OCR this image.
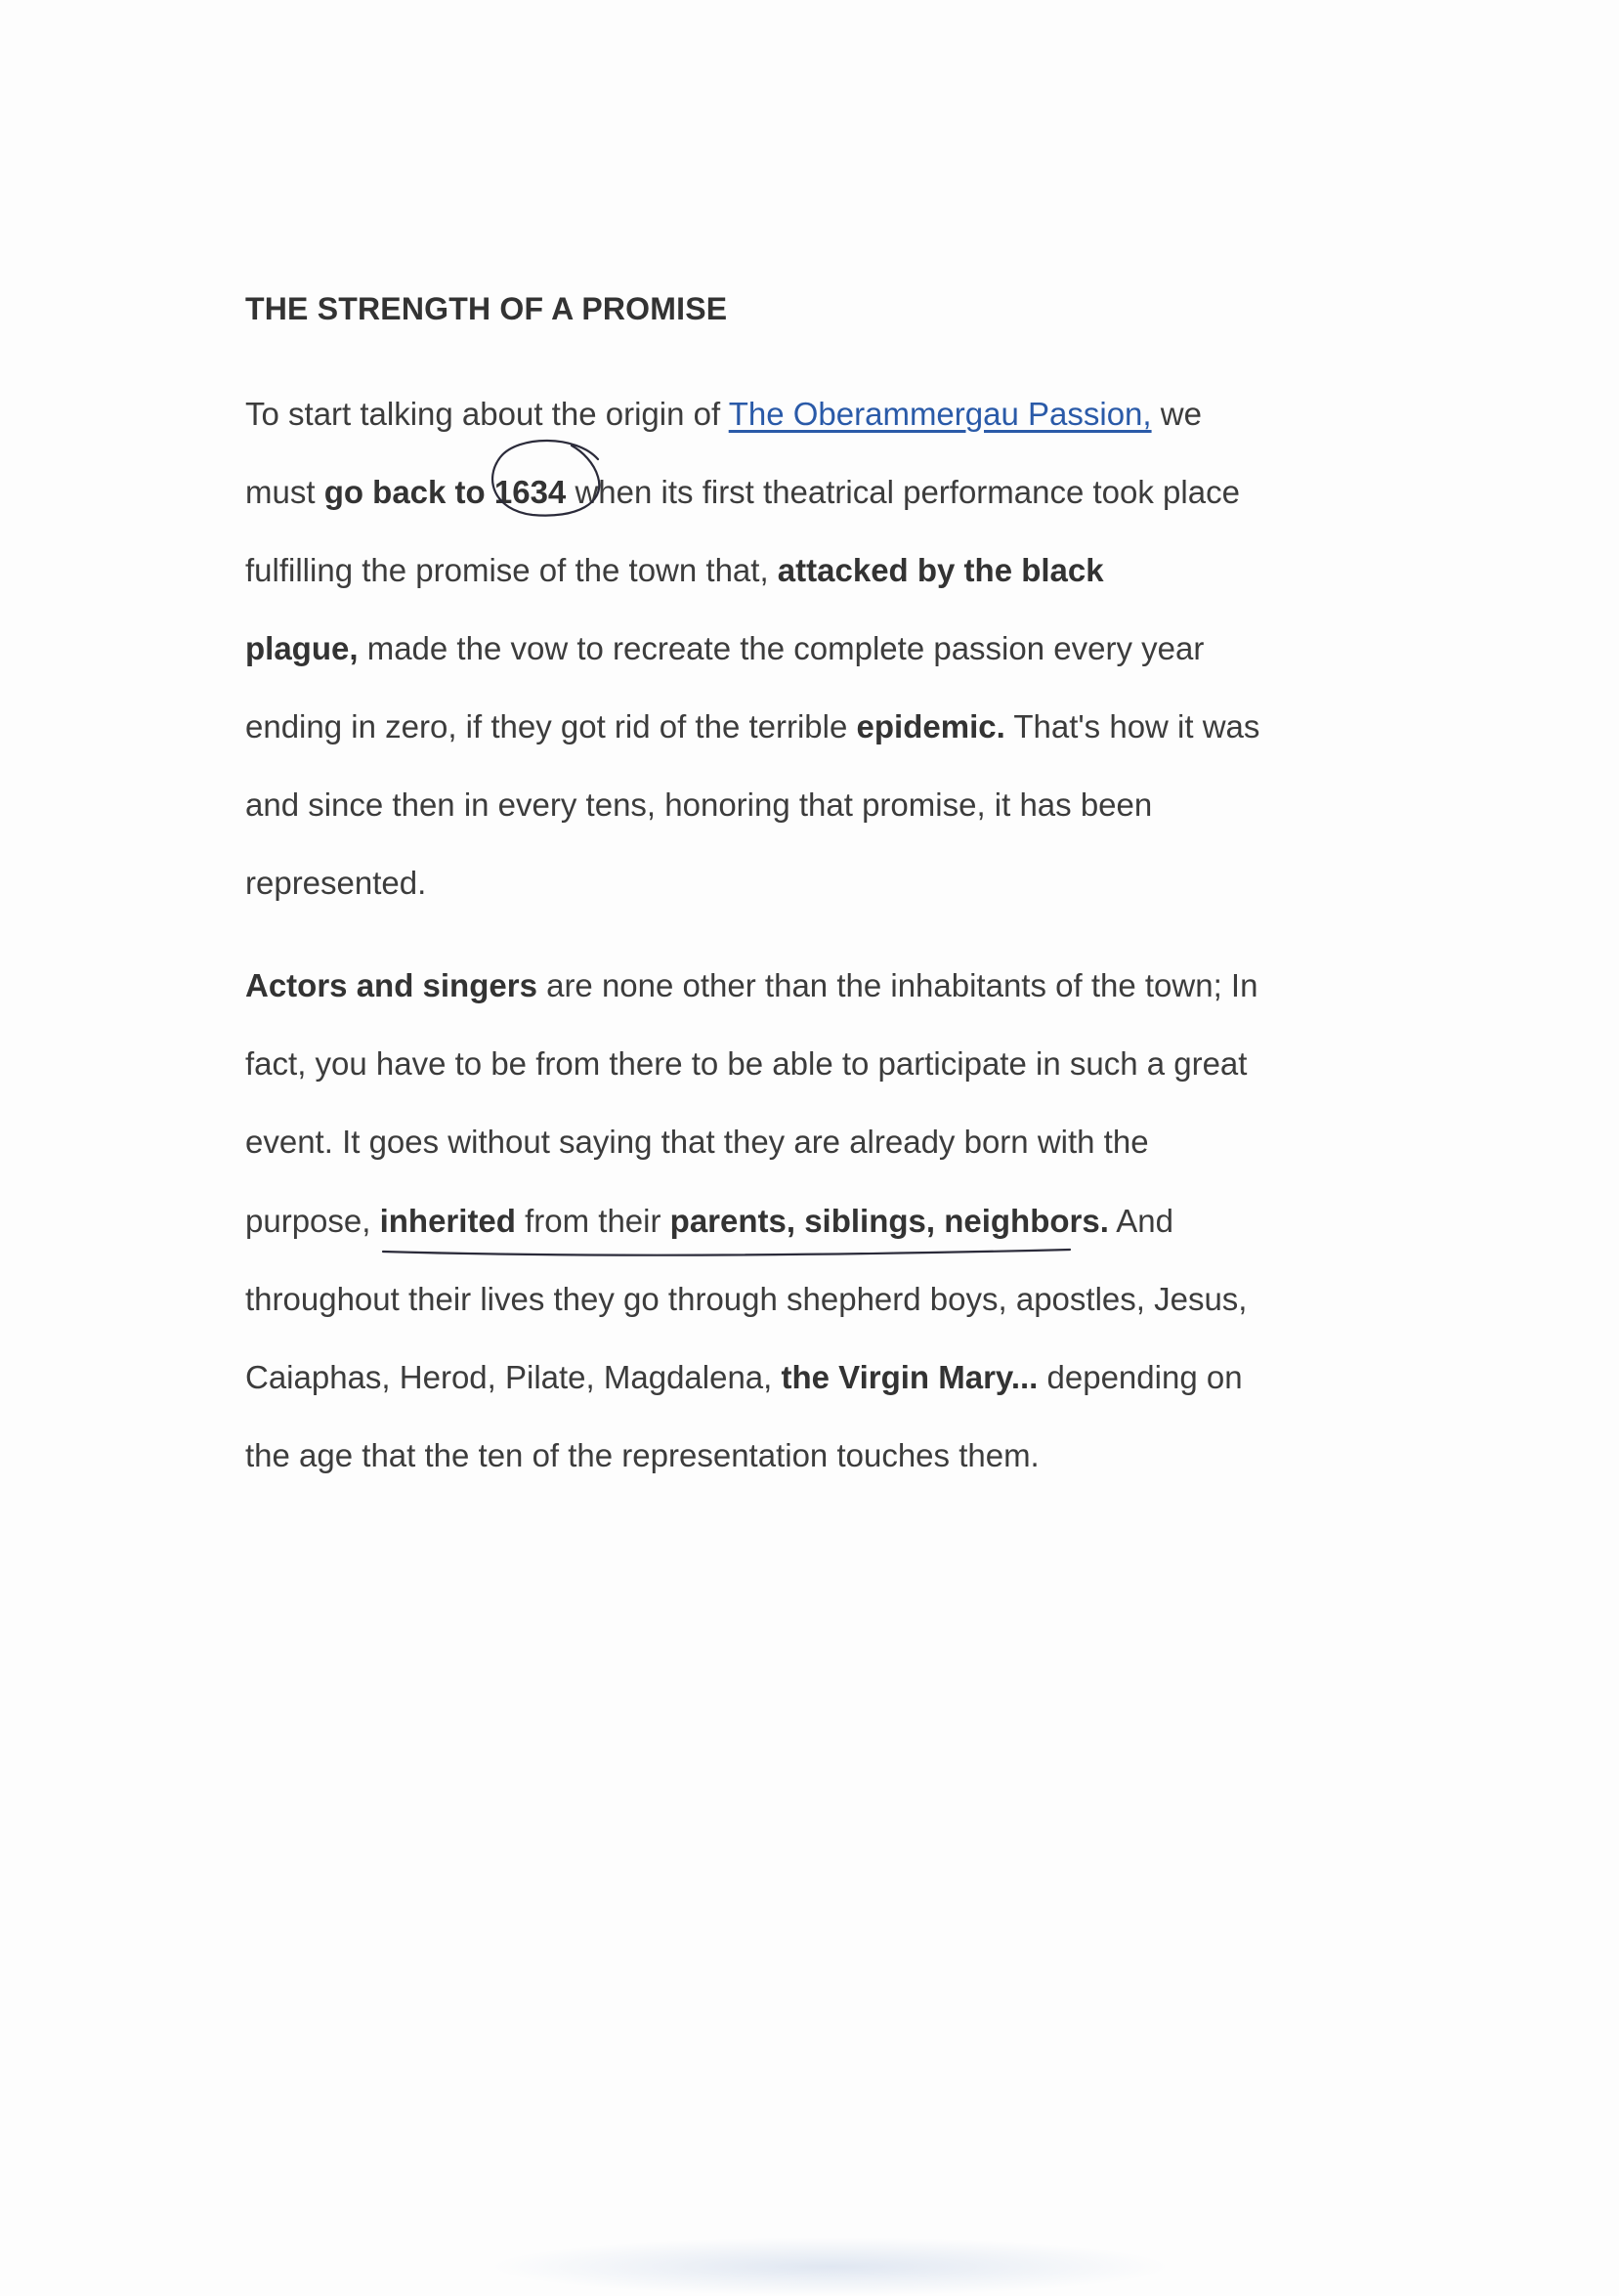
THE STRENGTH OF A PROMISE
To start talking about the origin of The Oberammergau Passion, we
must go back to 1634 when its first theatrical performance took place
fulfilling the promise of the town that, attacked by the black
plague, made the vow to recreate the complete passion every year
ending in zero, if they got rid of the terrible epidemic. That's how it was
and since then in every tens, honoring that promise, it has been
represented.
Actors and singers are none other than the inhabitants of the town; In
fact, you have to be from there to be able to participate in such a great
event. It goes without saying that they are already born with the
purpose, inherited from their parents, siblings, neighbors. And
throughout their lives they go through shepherd boys, apostles, Jesus,
Caiaphas, Herod, Pilate, Magdalena, the Virgin Mary... depending on
the age that the ten of the representation touches them.
